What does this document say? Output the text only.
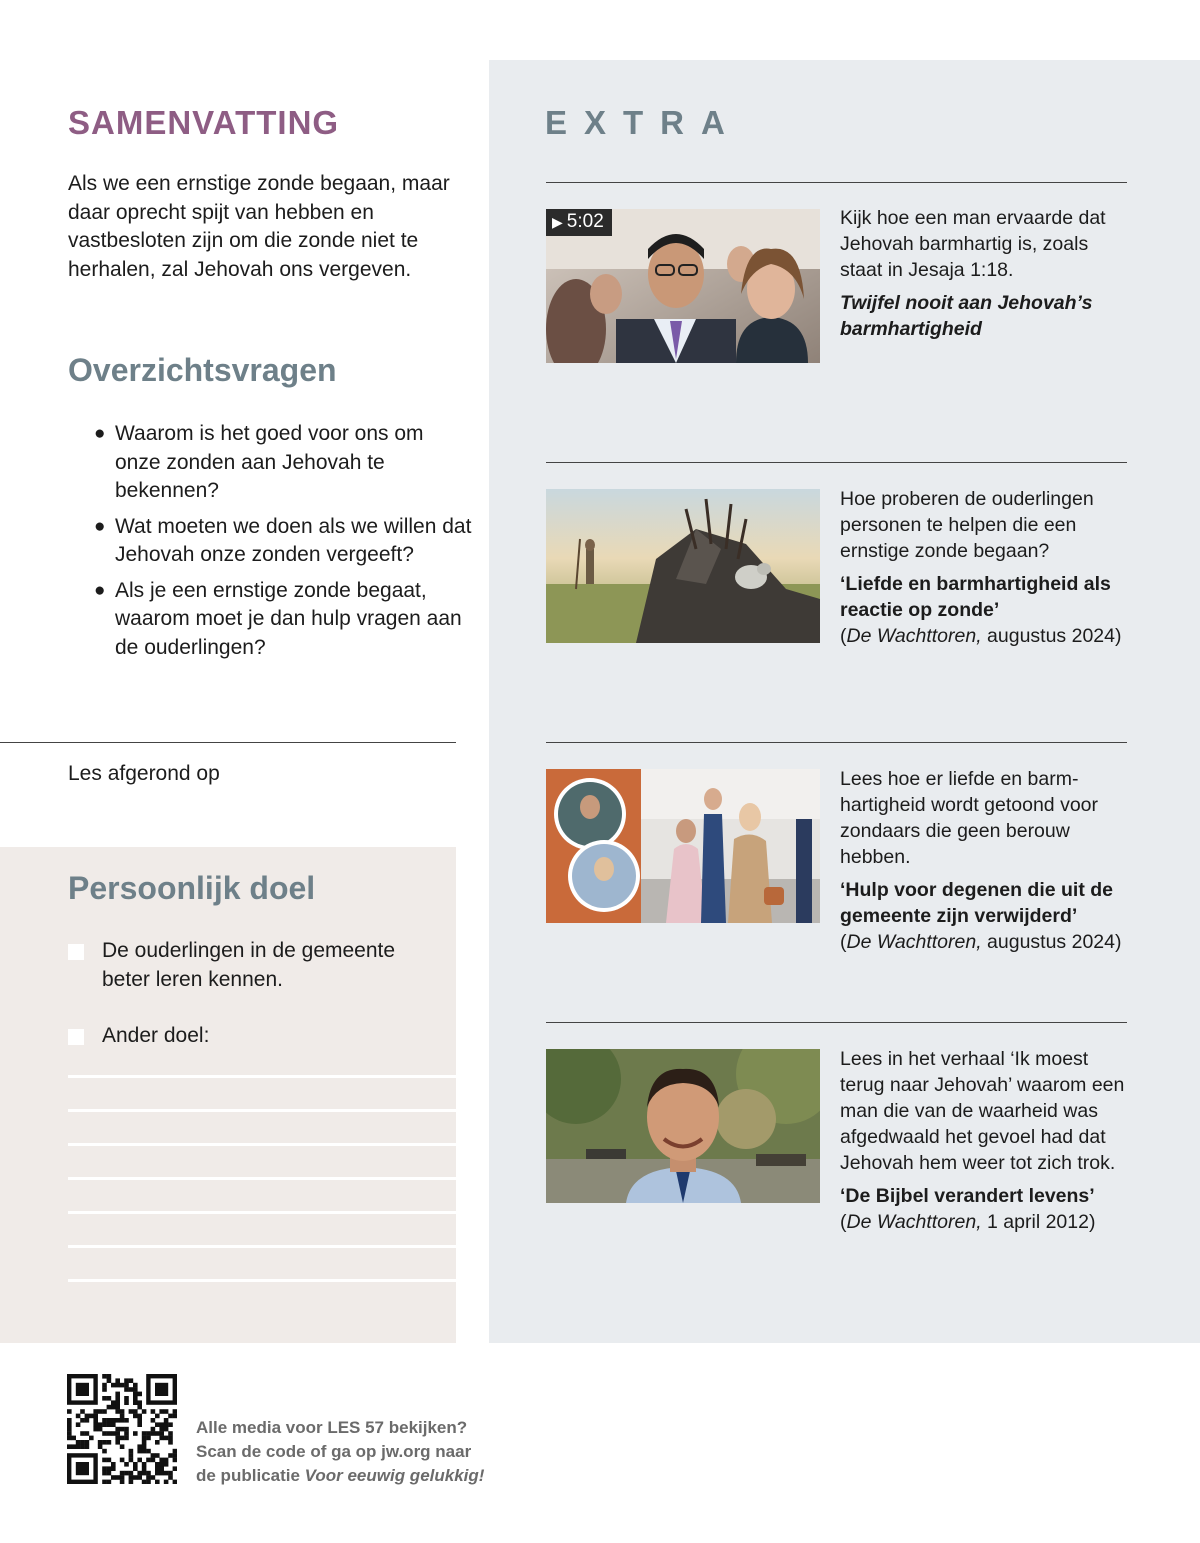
SAMENVATTING

Als we een ernstige zonde begaan, maar daar oprecht spijt van hebben en vastbesloten zijn om die zonde niet te herhalen, zal Jehovah ons vergeven.

Overzichtsvragen
● Waarom is het goed voor ons om onze zonden aan Jehovah te bekennen?
● Wat moeten we doen als we willen dat Jehovah onze zonden vergeeft?
● Als je een ernstige zonde begaat, waarom moet je dan hulp vragen aan de ouderlingen?

Les afgerond op

Persoonlijk doel
De ouderlingen in de gemeente beter leren kennen.
Ander doel:
EXTRA
▶ 5:02	Kijk hoe een man ervaarde dat Jehovah barmhartig is, zoals staat in Jesaja 1:18.

Twijfel nooit aan Jehovah’s barmhartigheid

Hoe proberen de ouderlingen personen te helpen die een ernstige zonde begaan?

‘Liefde en barmhartigheid als reactie op zonde’

(De Wachttoren, augustus 2024)

Lees hoe er liefde en barmhartigheid wordt getoond voor zondaars die geen berouw hebben.

‘Hulp voor degenen die uit de gemeente zijn verwijderd’

(De Wachttoren, augustus 2024)

Lees in het verhaal ‘Ik moest terug naar Jehovah’ waarom een man die van de waarheid was afgedwaald het gevoel had dat Jehovah hem weer tot zich trok.

‘De Bijbel verandert levens’

(De Wachttoren, 1 april 2012)

Alle media voor LES 57 bekijken?
Scan de code of ga op jw.org naar
de publicatie Voor eeuwig gelukkig!
